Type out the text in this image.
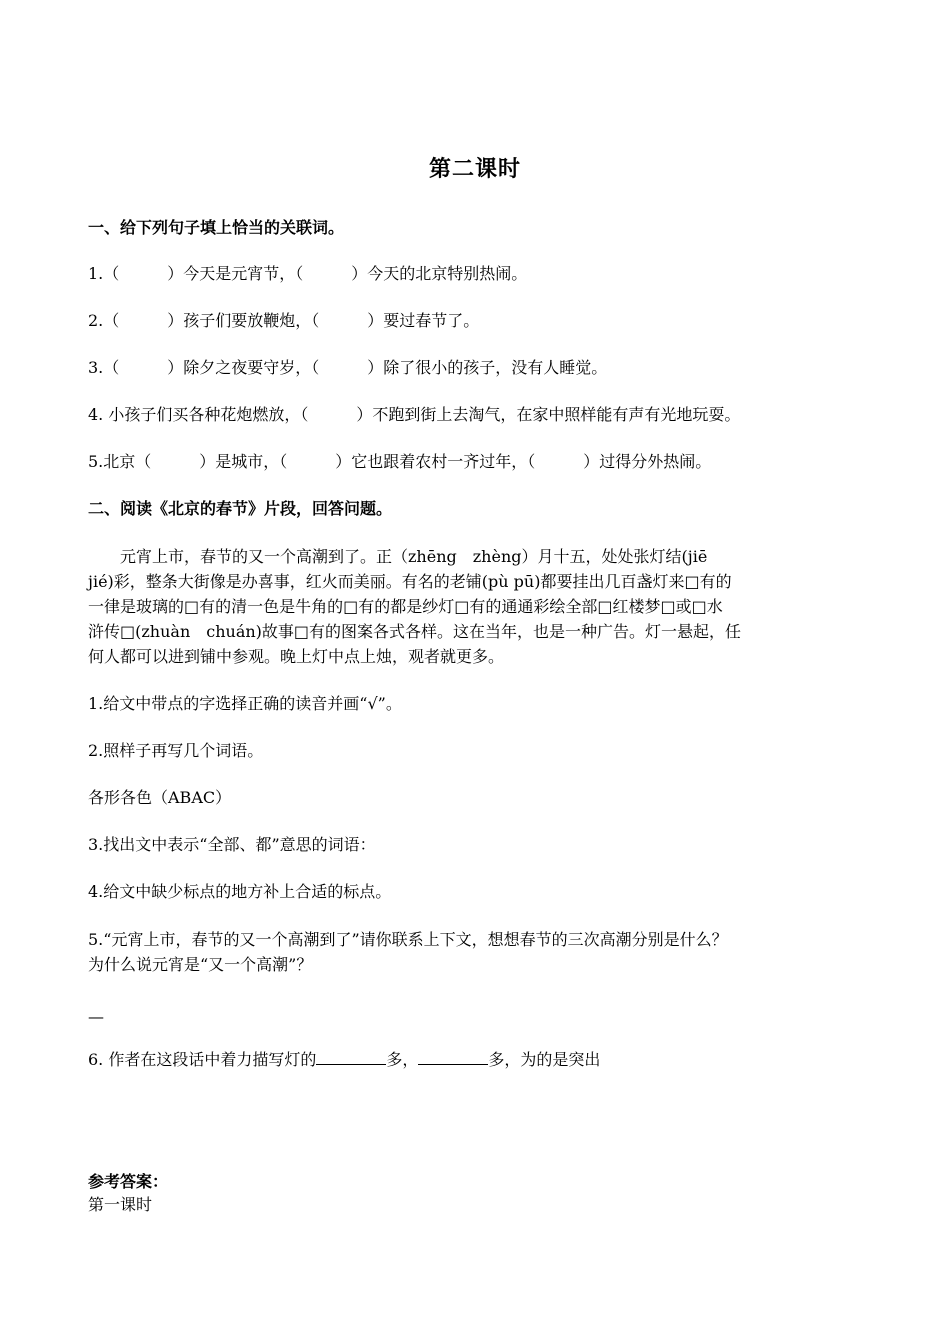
第二课时
一、给下列句子填上恰当的关联词。
1.（　　　）今天是元宵节，（　　　）今天的北京特别热闹。
2.（　　　）孩子们要放鞭炮，（　　　）要过春节了。
3.（　　　）除夕之夜要守岁，（　　　）除了很小的孩子，没有人睡觉。
4. 小孩子们买各种花炮燃放，（　　　）不跑到街上去淘气，在家中照样能有声有光地玩耍。
5.北京（　　　）是城市，（　　　）它也跟着农村一齐过年，（　　　）过得分外热闹。
二、阅读《北京的春节》片段，回答问题。
　　元宵上市，春节的又一个高潮到了。正（zhēng　zhèng）月十五，处处张灯结(jiē
jié)彩，整条大街像是办喜事，红火而美丽。有名的老铺(pù pū)都要挂出几百盏灯来□有的
一律是玻璃的□有的清一色是牛角的□有的都是纱灯□有的通通彩绘全部□红楼梦□或□水
浒传□(zhuàn　chuán)故事□有的图案各式各样。这在当年，也是一种广告。灯一悬起，任
何人都可以进到铺中参观。晚上灯中点上烛，观者就更多。
1.给文中带点的字选择正确的读音并画“√”。
2.照样子再写几个词语。
各形各色（ABAC）
3.找出文中表示“全部、都”意思的词语：
4.给文中缺少标点的地方补上合适的标点。
5.“元宵上市，春节的又一个高潮到了”请你联系上下文，想想春节的三次高潮分别是什么？
为什么说元宵是“又一个高潮”？
—
6. 作者在这段话中着力描写灯的	多，	多，为的是突出
参考答案：
第一课时
